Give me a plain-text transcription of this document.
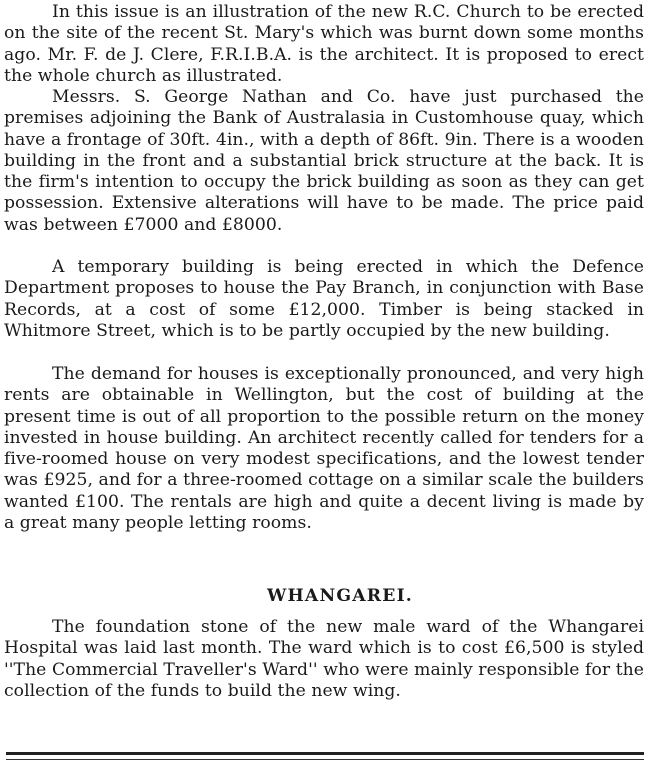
In this issue is an illustration of the new R.C. Church to be erected on the site of the recent St. Mary's which was burnt down some months ago. Mr. F. de J. Clere, F.R.I.B.A. is the architect. It is proposed to erect the whole church as illustrated.

Messrs. S. George Nathan and Co. have just purchased the premises adjoining the Bank of Australasia in Customhouse quay, which have a frontage of 30ft. 4in., with a depth of 86ft. 9in. There is a wooden building in the front and a substantial brick structure at the back. It is the firm's intention to occupy the brick building as soon as they can get possession. Extensive alterations will have to be made. The price paid was between £7000 and £8000.

A temporary building is being erected in which the Defence Department proposes to house the Pay Branch, in conjunction with Base Records, at a cost of some £12,000. Timber is being stacked in Whitmore Street, which is to be partly occupied by the new building.

The demand for houses is exceptionally pronounced, and very high rents are obtainable in Wellington, but the cost of building at the present time is out of all proportion to the possible return on the money invested in house building. An architect recently called for tenders for a five-roomed house on very modest specifications, and the lowest tender was £925, and for a three-roomed cottage on a similar scale the builders wanted £100. The rentals are high and quite a decent living is made by a great many people letting rooms.

WHANGAREI.

The foundation stone of the new male ward of the Whangarei Hospital was laid last month. The ward which is to cost £6,500 is styled ''The Commercial Traveller's Ward'' who were mainly responsible for the collection of the funds to build the new wing.
